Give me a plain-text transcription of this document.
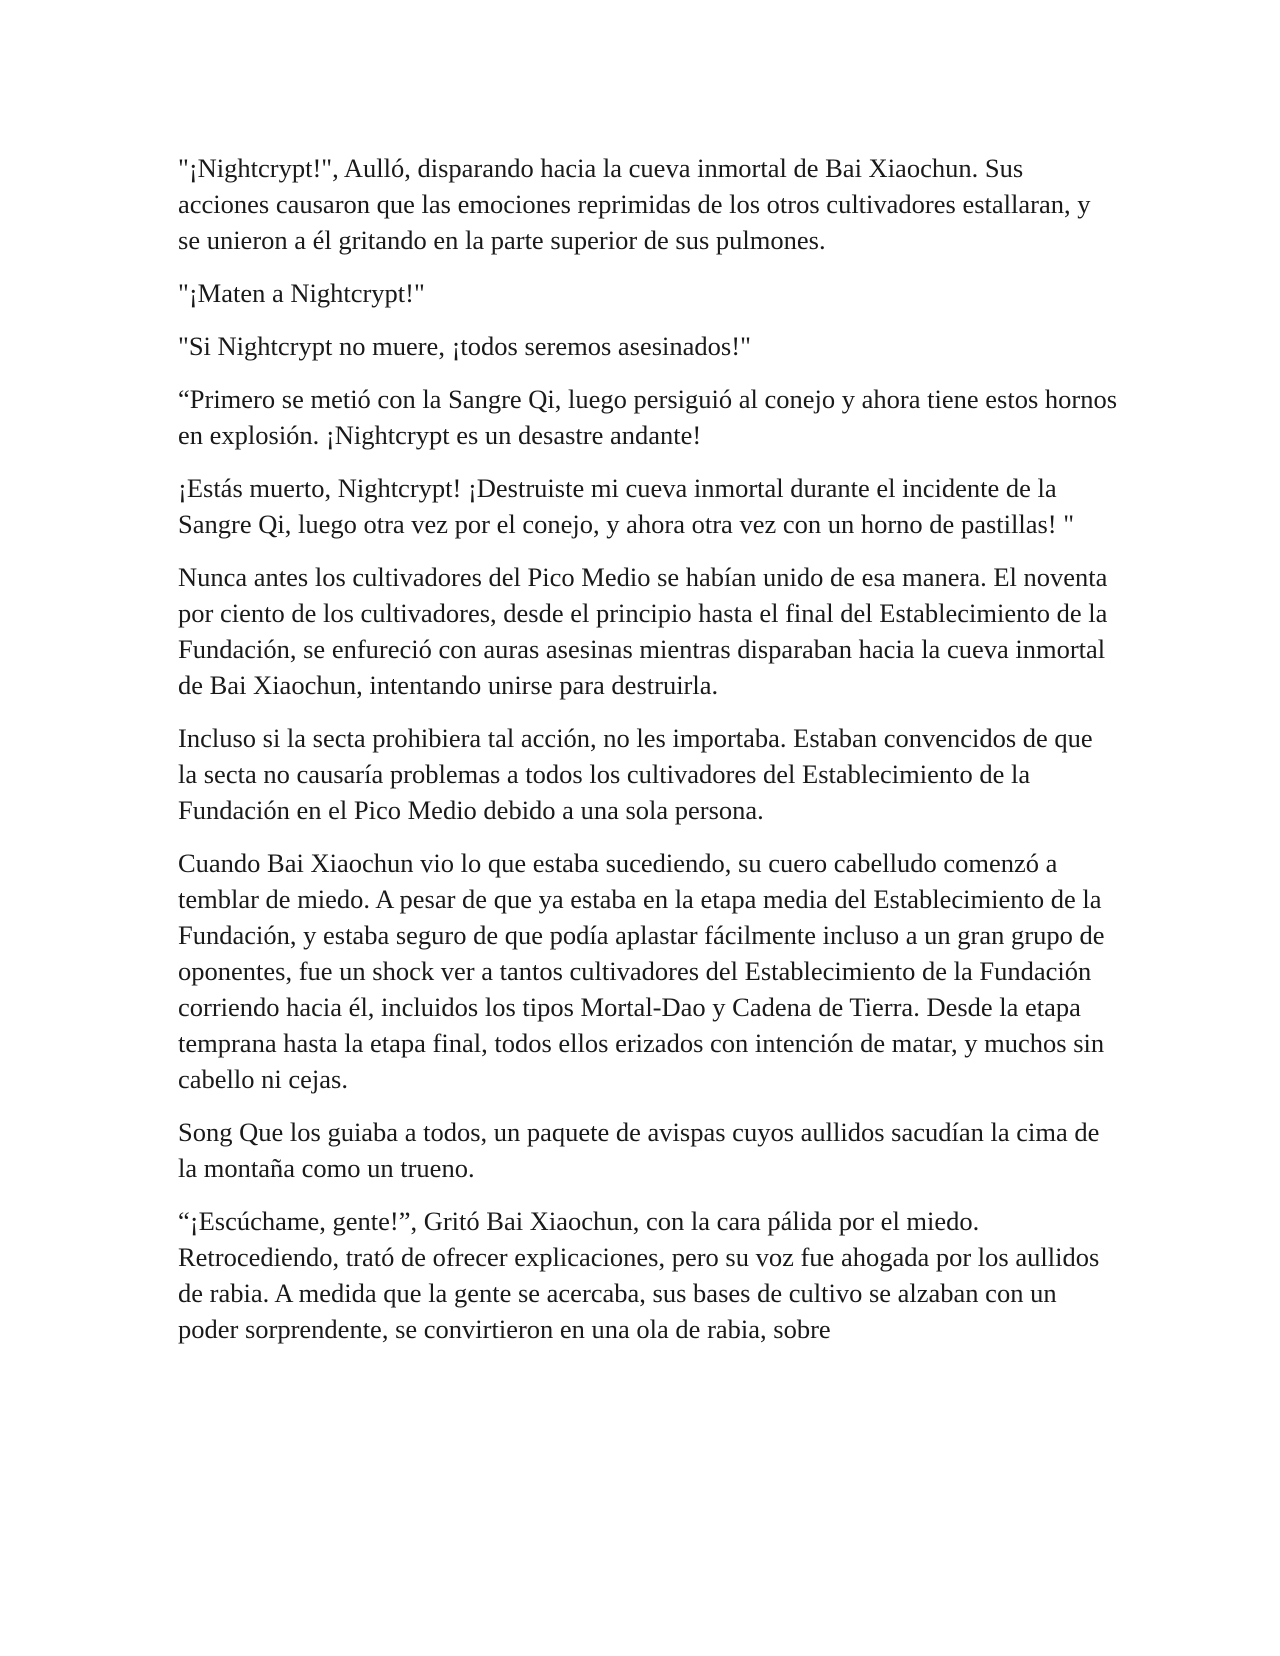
"¡Nightcrypt!", Aulló, disparando hacia la cueva inmortal de Bai Xiaochun. Sus acciones causaron que las emociones reprimidas de los otros cultivadores estallaran, y se unieron a él gritando en la parte superior de sus pulmones.

"¡Maten a Nightcrypt!"

"Si Nightcrypt no muere, ¡todos seremos asesinados!"

“Primero se metió con la Sangre Qi, luego persiguió al conejo y ahora tiene estos hornos en explosión. ¡Nightcrypt es un desastre andante!

¡Estás muerto, Nightcrypt! ¡Destruiste mi cueva inmortal durante el incidente de la Sangre Qi, luego otra vez por el conejo, y ahora otra vez con un horno de pastillas! "

Nunca antes los cultivadores del Pico Medio se habían unido de esa manera. El noventa por ciento de los cultivadores, desde el principio hasta el final del Establecimiento de la Fundación, se enfureció con auras asesinas mientras disparaban hacia la cueva inmortal de Bai Xiaochun, intentando unirse para destruirla.

Incluso si la secta prohibiera tal acción, no les importaba. Estaban convencidos de que la secta no causaría problemas a todos los cultivadores del Establecimiento de la Fundación en el Pico Medio debido a una sola persona.

Cuando Bai Xiaochun vio lo que estaba sucediendo, su cuero cabelludo comenzó a temblar de miedo. A pesar de que ya estaba en la etapa media del Establecimiento de la Fundación, y estaba seguro de que podía aplastar fácilmente incluso a un gran grupo de oponentes, fue un shock ver a tantos cultivadores del Establecimiento de la Fundación corriendo hacia él, incluidos los tipos Mortal-Dao y Cadena de Tierra. Desde la etapa temprana hasta la etapa final, todos ellos erizados con intención de matar, y muchos sin cabello ni cejas.

Song Que los guiaba a todos, un paquete de avispas cuyos aullidos sacudían la cima de la montaña como un trueno.

“¡Escúchame, gente!”, Gritó Bai Xiaochun, con la cara pálida por el miedo. Retrocediendo, trató de ofrecer explicaciones, pero su voz fue ahogada por los aullidos de rabia. A medida que la gente se acercaba, sus bases de cultivo se alzaban con un poder sorprendente, se convirtieron en una ola de rabia, sobre
